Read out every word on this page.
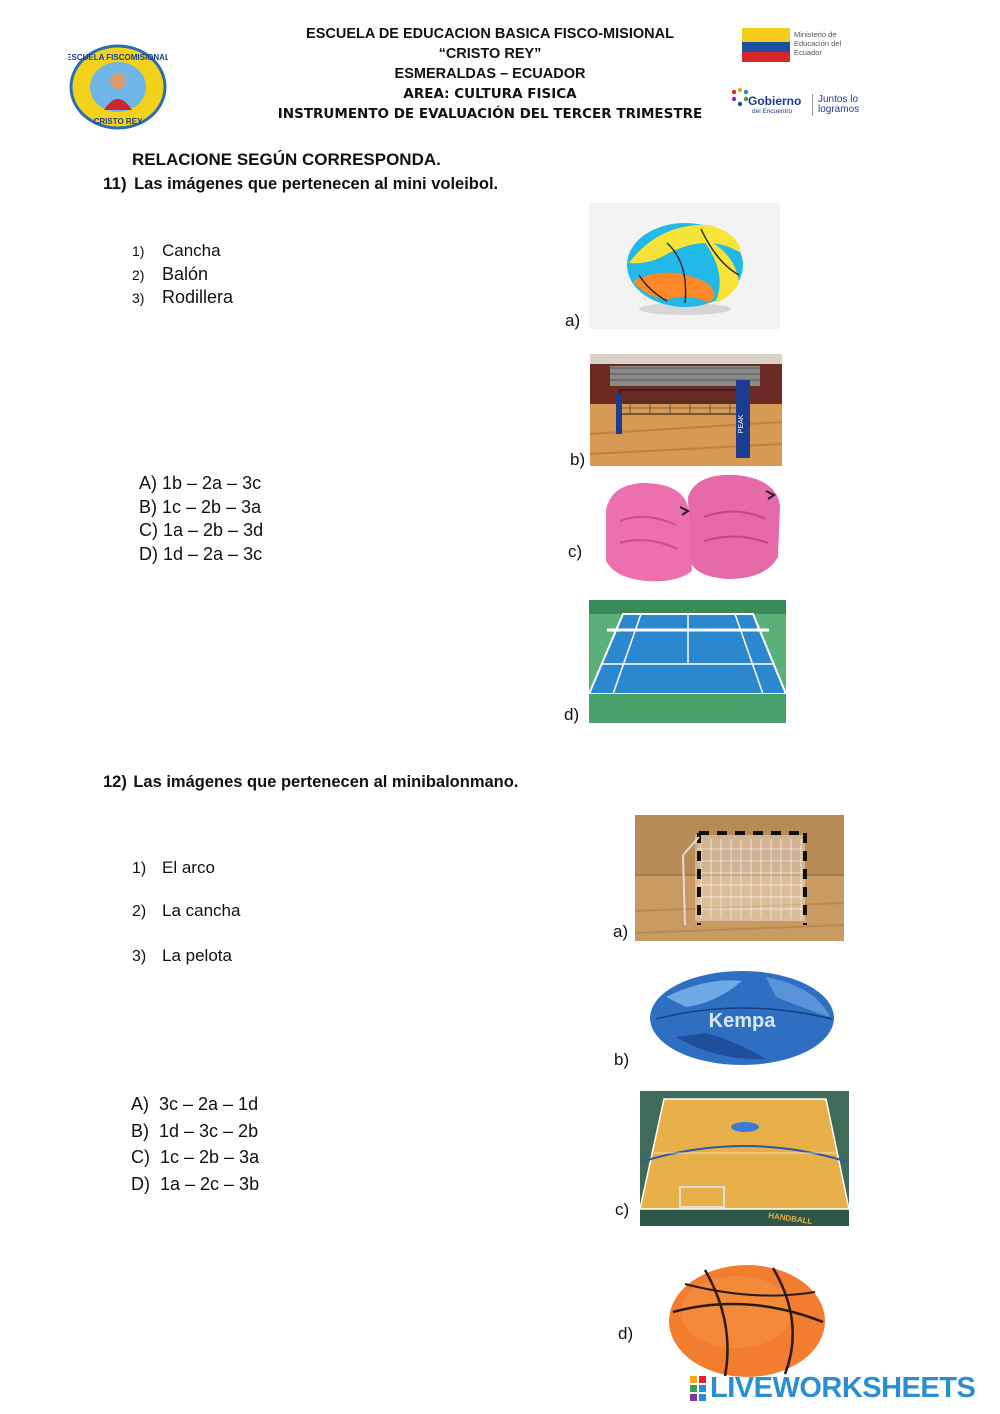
ESCUELA FISCOMISIONAL
CRISTO REY
ESCUELA DE EDUCACION BASICA FISCO-MISIONAL
“CRISTO REY”
ESMERALDAS – ECUADOR
AREA: CULTURA FISICA
INSTRUMENTO DE EVALUACIÓN DEL TERCER TRIMESTRE
Ministerio de Educación del Ecuador
Gobierno
del Encuentro
Juntos lo logramos
RELACIONE SEGÚN CORRESPONDA.
11) Las imágenes que pertenecen al mini voleibol.
1) Cancha
2) Balón
3) Rodillera
A) 1b – 2a – 3c
B) 1c – 2b – 3a
C) 1a – 2b – 3d
D) 1d – 2a – 3c
a)
b)
PEAK
c)
d)
12) Las imágenes que pertenecen al minibalonmano.
1) El arco
2) La cancha
3) La pelota
A)  3c – 2a – 1d
B)  1d – 3c – 2b
C)  1c – 2b – 3a
D)  1a – 2c – 3b
a)
b)
Kempa
c)	HANDBALL
d)
LIVEWORKSHEETS
